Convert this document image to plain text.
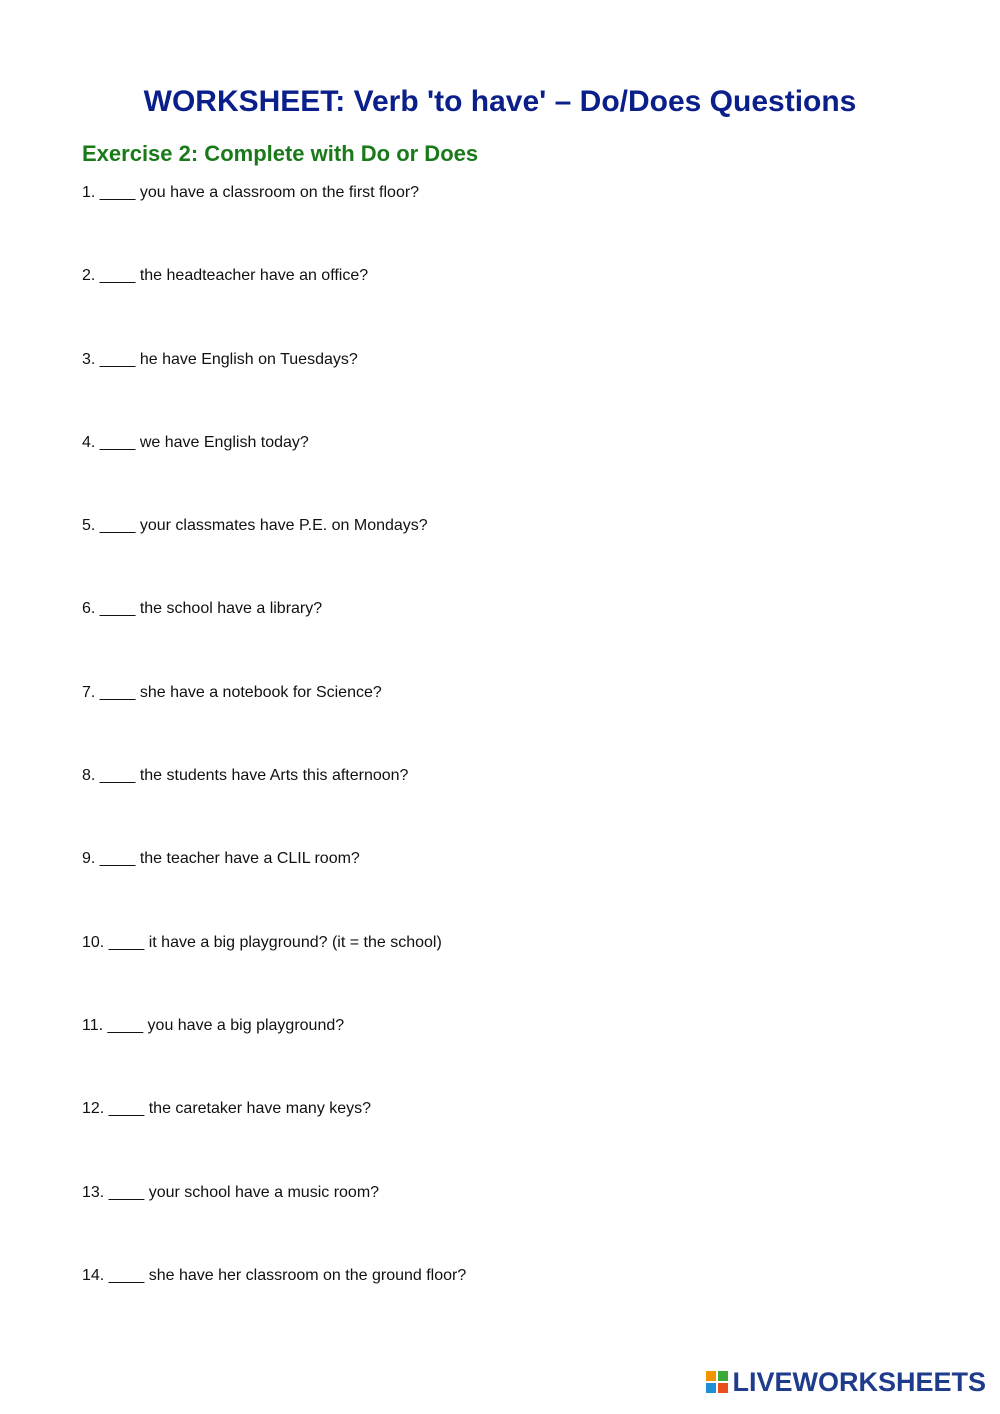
WORKSHEET: Verb 'to have' – Do/Does Questions
Exercise 2: Complete with Do or Does
1. ____ you have a classroom on the first floor?
2. ____ the headteacher have an office?
3. ____ he have English on Tuesdays?
4. ____ we have English today?
5. ____ your classmates have P.E. on Mondays?
6. ____ the school have a library?
7. ____ she have a notebook for Science?
8. ____ the students have Arts this afternoon?
9. ____ the teacher have a CLIL room?
10. ____ it have a big playground? (it = the school)
11. ____ you have a big playground?
12. ____ the caretaker have many keys?
13. ____ your school have a music room?
14. ____ she have her classroom on the ground floor?
LIVEWORKSHEETS
